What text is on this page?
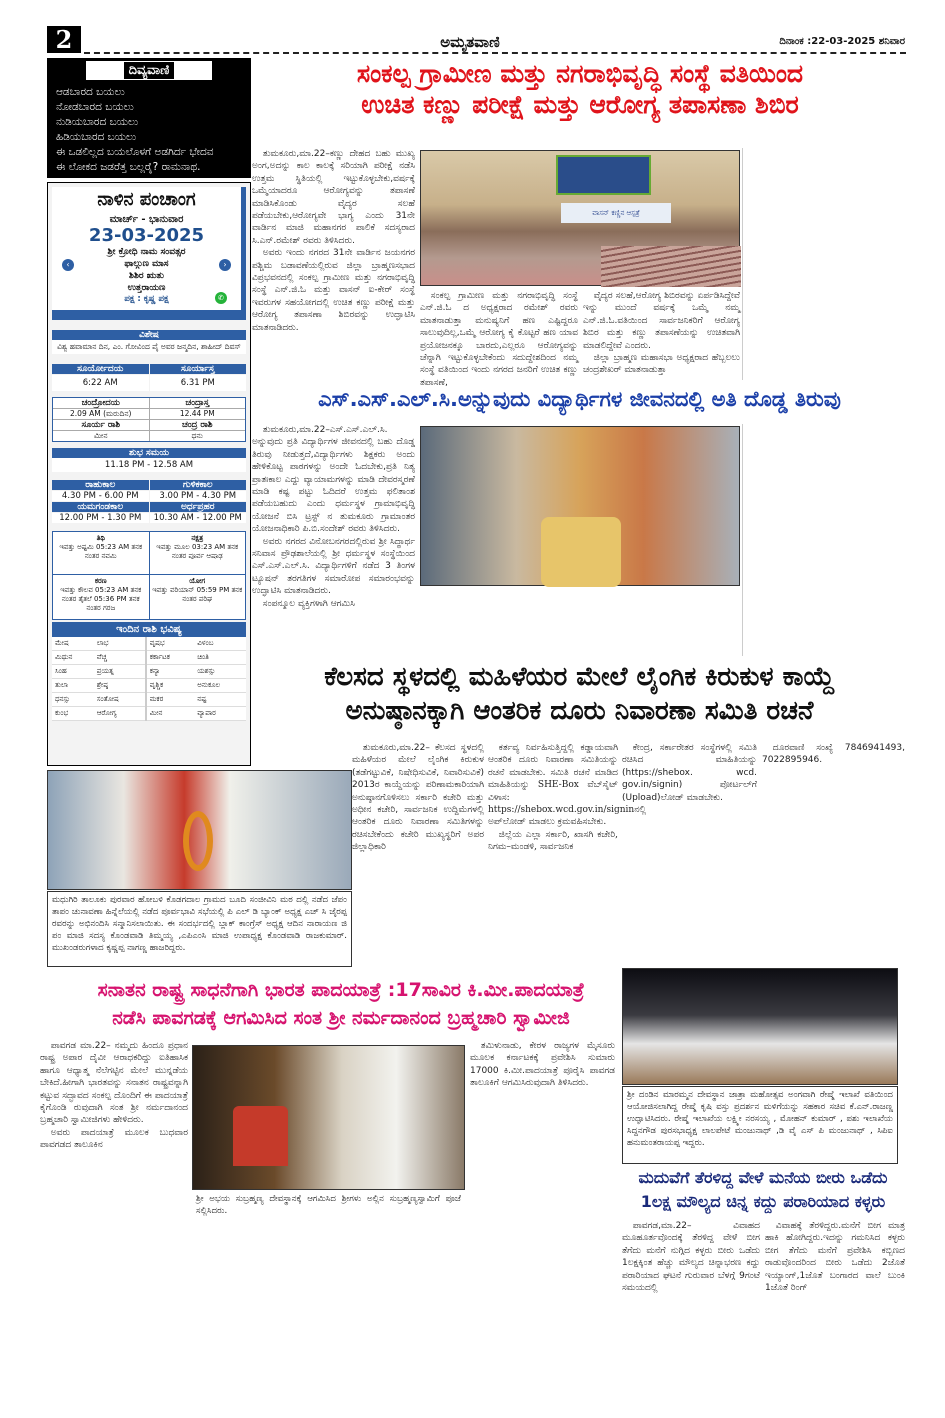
2	ಅಮೃತವಾಣಿ	ದಿನಾಂಕ :22-03-2025 ಶನಿವಾರ
ದಿವ್ಯವಾಣಿ
ಆಡಬಾರದ ಬಯಲು
ನೋಡಬಾರದ ಬಯಲು
ನುಡಿಯಬಾರದ ಬಯಲು
ಹಿಡಿಯಬಾರದ ಬಯಲು
ಈ ಒಡಲಿಲ್ಲದ ಬಯಲೊಳಗೆ ಅಡಗಿರ್ದ ಭೇದವ
ಈ ಲೋಕದ ಜಡರೆತ್ತ ಬಲ್ಲರೈ? ರಾಮನಾಥ.
ನಾಳಿನ ಪಂಚಾಂಗ
ಮಾರ್ಚ್ - ಭಾನುವಾರ
23-03-2025
ಶ್ರೀ ಕ್ರೋಧಿ ನಾಮ ಸಂವತ್ಸರ
ಫಾಲ್ಗುಣ ಮಾಸ
ಶಿಶಿರ ಋತು
ಉತ್ತರಾಯಣ
ಪಕ್ಷ : ಕೃಷ್ಣ ಪಕ್ಷ
‹	›
✆
ವಿಶೇಷ
ವಿಶ್ವ ಹವಾಮಾನ ದಿನ, ಎಂ. ಗೋವಿಂದ ಪೈ ಅವರ ಜನ್ಮದಿನ, ಶಾಹೀದ್ ದಿವಸ್
ಸೂರ್ಯೋದಯ	ಸೂರ್ಯಾಸ್ತ
6:22 AM	6.31 PM
ಚಂದ್ರೋದಯ	ಚಂದ್ರಾಸ್ತ
2.09 AM (ಮರುದಿನ)	12.44 PM
ಸೂರ್ಯ ರಾಶಿ	ಚಂದ್ರ ರಾಶಿ
ಮೀನ	ಧನು
ಶುಭ ಸಮಯ
11.18 PM - 12.58 AM
ರಾಹುಕಾಲ	ಗುಳಿಕಕಾಲ
4.30 PM - 6.00 PM	3.00 PM - 4.30 PM
ಯಮಗಂಡಕಾಲ	ಅರ್ಧಪ್ರಹರ
12.00 PM - 1.30 PM	10.30 AM - 12.00 PM
ತಿಥಿ
ಇವತ್ತು ಅಷ್ಟಮಿ 05:23 AM ತನಕ ನಂತರ ನವಮಿ
ನಕ್ಷತ್ರ
ಇವತ್ತು ಮೂಲ 03:23 AM ತನಕ ನಂತರ ಪೂರ್ವ ಆಷಾಢ
ಕರಣ
ಇವತ್ತು ಕೌಲವ 05:23 AM ತನಕ ನಂತರ ತೈತಲೆ 05:36 PM ತನಕ ನಂತರ ಗರಜ
ಯೋಗ
ಇವತ್ತು ವರಿಯಾನ್ 05:59 PM ತನಕ ನಂತರ ಪರಿಘ
ಇಂದಿನ ರಾಶಿ ಭವಿಷ್ಯ
ಮೇಷ	ಲಾಭ	ವೃಷಭ	ವಿಳಂಬ
ಮಿಥುನ	ವೆಚ್ಚ	ಕರ್ಕಾಟಕ	ಚಿಂತಿ
ಸಿಂಹ	ಪ್ರಯತ್ನ	ಕನ್ಯಾ	ಯಶಸ್ಸು
ತುಲಾ	ಶ್ರೇಷ್ಠ	ವೃಶ್ಚಿಕ	ಅನುಕೂಲ
ಧನಸ್ಸು	ಸಂತೋಷ	ಮಕರ	ನಷ್ಟ
ಕುಂಭ	ಆರೋಗ್ಯ	ಮೀನ	ವ್ಯಾಪಾರ
ಸಂಕಲ್ಪ ಗ್ರಾಮೀಣ ಮತ್ತು ನಗರಾಭಿವೃದ್ಧಿ ಸಂಸ್ಥೆ ವತಿಯಿಂದ
ಉಚಿತ ಕಣ್ಣು ಪರೀಕ್ಷೆ ಮತ್ತು ಆರೋಗ್ಯ ತಪಾಸಣಾ ಶಿಬಿರ

ತುಮಕೂರು,ಮಾ.22–ಕಣ್ಣು ದೇಹದ ಬಹು ಮುಖ್ಯ ಅಂಗ,ಅದನ್ನು ಕಾಲ ಕಾಲಕ್ಕೆ ಸರಿಯಾಗಿ ಪರೀಕ್ಷೆ ನಡೆಸಿ ಉತ್ತಮ ಸ್ಥಿತಿಯಲ್ಲಿ ಇಟ್ಟುಕೊಳ್ಳಬೇಕು,ವರ್ಷಕ್ಕೆ ಒಮ್ಮೆಯಾದರೂ ಆರೋಗ್ಯವನ್ನು ತಪಾಸಣೆ ಮಾಡಿಸಿಕೊಂಡು ವೈದ್ಯರ ಸಲಹೆ ಪಡೆಯಬೇಕು,ಆರೋಗ್ಯವೇ ಭಾಗ್ಯ ಎಂದು 31ನೇ ವಾರ್ಡಿನ ಮಾಜಿ ಮಹಾನಗರ ಪಾಲಿಕೆ ಸದಸ್ಯರಾದ ಸಿ.ಎನ್.ರಮೇಶ್ ರವರು ತಿಳಿಸಿದರು.

ಅವರು ಇಂದು ನಗರದ 31ನೇ ವಾರ್ಡಿನ ಜಯನಗರ ಪಶ್ಚಿಮ ಬಡಾವಣೆಯಲ್ಲಿರುವ ಜಿಲ್ಲಾ ಬ್ರಾಹ್ಮಣಸಭಾದ ವಿಪ್ರಭವನದಲ್ಲಿ ಸಂಕಲ್ಪ ಗ್ರಾಮೀಣ ಮತ್ತು ನಗರಾಭಿವೃದ್ಧಿ ಸಂಸ್ಥೆ ಎನ್.ಜಿ.ಓ ಮತ್ತು ವಾಸನ್ ಐ-ಕೇರ್ ಸಂಸ್ಥೆ ಇವರುಗಳ ಸಹಯೋಗದಲ್ಲಿ ಉಚಿತ ಕಣ್ಣು ಪರೀಕ್ಷೆ ಮತ್ತು ಆರೋಗ್ಯ ತಪಾಸಣಾ ಶಿಬಿರವನ್ನು ಉದ್ಘಾಟಿಸಿ ಮಾತನಾಡಿದರು.

ವಾಸನ್ ಕಣ್ಣಿನ ಆಸ್ಪತ್ರೆ

ಸಂಕಲ್ಪ ಗ್ರಾಮೀಣ ಮತ್ತು ನಗರಾಭಿವೃದ್ಧಿ ಸಂಸ್ಥೆ ಎನ್.ಜಿ.ಓ ದ ಅಧ್ಯಕ್ಷರಾದ ರಮೇಶ್ ರವರು ಮಾತನಾಡುತ್ತಾ ಮನುಷ್ಯನಿಗೆ ಹಣ ಎಷ್ಟಿದ್ದರೂ ಸಾಲುವುದಿಲ್ಲ,ಒಮ್ಮೆ ಆರೋಗ್ಯ ಕೈ ಕೊಟ್ಟರೆ ಹಣ ಯಾವ ಪ್ರಯೋಜನಕ್ಕೂ ಬಾರದು,ಎಲ್ಲರೂ ಆರೋಗ್ಯವನ್ನು ಚೆನ್ನಾಗಿ ಇಟ್ಟುಕೊಳ್ಳಬೇಕೆಂದು ಸದುದ್ದೇಶದಿಂದ ನಮ್ಮ ಸಂಸ್ಥೆ ವತಿಯಿಂದ ಇಂದು ನಗರದ ಜನರಿಗೆ ಉಚಿತ ಕಣ್ಣು ತಪಾಸಣೆ,

ವೈದ್ಯರ ಸಲಹೆ,ಆರೋಗ್ಯ ಶಿಬಿರವನ್ನು ಏರ್ಪಡಿಸಿದ್ದೇವೆ ಇನ್ನು ಮುಂದೆ ವರ್ಷಕ್ಕೆ ಒಮ್ಮೆ ನಮ್ಮ ಎನ್.ಜಿ.ಓ.ವತಿಯಿಂದ ಸಾರ್ವಜನಿಕರಿಗೆ ಆರೋಗ್ಯ ಶಿಬಿರ ಮತ್ತು ಕಣ್ಣು ತಪಾಸಣೆಯನ್ನು ಉಚಿತವಾಗಿ ಮಾಡಲಿದ್ದೇವೆ ಎಂದರು.

ಜಿಲ್ಲಾ ಬ್ರಾಹ್ಮಣ ಮಹಾಸಭಾ ಅಧ್ಯಕ್ಷರಾದ ಹೆಬ್ಬಲಲು ಚಂದ್ರಶೇಖರ್ ಮಾತನಾಡುತ್ತಾ

ಎಸ್.ಎಸ್.ಎಲ್.ಸಿ.ಅನ್ನುವುದು ವಿದ್ಯಾರ್ಥಿಗಳ ಜೀವನದಲ್ಲಿ ಅತಿ ದೊಡ್ಡ ತಿರುವು

ತುಮಕೂರು,ಮಾ.22–ಎಸ್.ಎಸ್.ಎಲ್.ಸಿ. ಅನ್ನುವುದು ಪ್ರತಿ ವಿದ್ಯಾರ್ಥಿಗಳ ಜೀವನದಲ್ಲಿ ಬಹು ದೊಡ್ಡ ತಿರುವು ನೀಡುತ್ತದೆ,ವಿದ್ಯಾರ್ಥಿಗಳು ಶಿಕ್ಷಕರು ಅಂದು ಹೇಳಿಕೊಟ್ಟ ಪಾಠಗಳನ್ನು ಅಂದೇ ಓದಬೇಕು,ಪ್ರತಿ ನಿತ್ಯ ಪ್ರಾತಃಕಾಲ ಎದ್ದು ವ್ಯಾಯಾಮಗಳನ್ನು ಮಾಡಿ ದೇವರಸ್ಮರಣೆ ಮಾಡಿ ಕಷ್ಟ ಪಟ್ಟು ಓದಿದರೆ ಉತ್ತಮ ಫಲಿತಾಂಶ ಪಡೆಯಬಹುದು ಎಂದು ಧರ್ಮಸ್ಥಳ ಗ್ರಾಮಾಭಿವೃದ್ಧಿ ಯೋಜನೆ ಬಿಸಿ ಟ್ರಸ್ಟ್ ನ ತುಮಕೂರು ಗ್ರಾಮಾಂತರ ಯೋಜನಾಧಿಕಾರಿ ಪಿ.ಬಿ.ಸಂದೇಶ್ ರವರು ತಿಳಿಸಿದರು.

ಅವರು ನಗರದ ವಿನೋಬನಗರದಲ್ಲಿರುವ ಶ್ರೀ ಸಿದ್ಧಾರ್ಥ ಸನಿವಾಸ ಪ್ರೌಢಶಾಲೆಯಲ್ಲಿ ಶ್ರೀ ಧರ್ಮಸ್ಥಳ ಸಂಸ್ಥೆಯಿಂದ ಎಸ್.ಎಸ್.ಎಲ್.ಸಿ. ವಿದ್ಯಾರ್ಥಿಗಳಿಗೆ ನಡೆದ 3 ತಿಂಗಳ ಟ್ಯೂಷನ್ ತರಗತಿಗಳ ಸಮಾರೋಪ ಸಮಾರಂಭವನ್ನು ಉದ್ಘಾಟಿಸಿ ಮಾತನಾಡಿದರು.

ಸಂಪನ್ಮೂಲ ವ್ಯಕ್ತಿಗಳಾಗಿ ಆಗಮಿಸಿ

ಕೆಲಸದ ಸ್ಥಳದಲ್ಲಿ ಮಹಿಳೆಯರ ಮೇಲೆ ಲೈಂಗಿಕ ಕಿರುಕುಳ ಕಾಯ್ದೆ
ಅನುಷ್ಠಾನಕ್ಕಾಗಿ ಆಂತರಿಕ ದೂರು ನಿವಾರಣಾ ಸಮಿತಿ ರಚನೆ

ತುಮಕೂರು,ಮಾ.22– ಕೆಲಸದ ಸ್ಥಳದಲ್ಲಿ ಮಹಿಳೆಯರ ಮೇಲೆ ಲೈಂಗಿಕ ಕಿರುಕುಳ (ತಡೆಗಟ್ಟುವಿಕೆ, ನಿಷೇಧಿಸುವಿಕೆ, ನಿವಾರಿಸುವಿಕೆ) 2013ರ ಕಾಯ್ದೆಯನ್ನು ಪರಿಣಾಮಕಾರಿಯಾಗಿ ಅನುಷ್ಠಾನಗೊಳಿಸಲು ಸರ್ಕಾರಿ ಕಚೇರಿ ಮತ್ತು ಅಧೀನ ಕಚೇರಿ, ಸಾರ್ವಜನಿಕ ಉದ್ದಿಮೆಗಳಲ್ಲಿ ಆಂತರಿಕ ದೂರು ನಿವಾರಣಾ ಸಮಿತಿಗಳನ್ನು ರಚಿಸಬೇಕೆಂದು ಕಚೇರಿ ಮುಖ್ಯಸ್ಥರಿಗೆ ಅಪರ ಜಿಲ್ಲಾಧಿಕಾರಿ

ಕರ್ತವ್ಯ ನಿರ್ವಹಿಸುತ್ತಿದ್ದಲ್ಲಿ ಕಡ್ಡಾಯವಾಗಿ ಆಂತರಿಕ ದೂರು ನಿವಾರಣಾ ಸಮಿತಿಯನ್ನು ರಚನೆ ಮಾಡಬೇಕು. ಸಮಿತಿ ರಚನೆ ಮಾಡಿದ ಮಾಹಿತಿಯನ್ನು SHE-Box ವೆಬ್‌ಸೈಟ್ ವಿಳಾಸ: https://shebox.wcd.gov.in/signinನಲ್ಲಿ ಅಪ್‌ಲೋಡ್ ಮಾಡಲು ಕ್ರಮವಹಿಸಬೇಕು.

ಜಿಲ್ಲೆಯ ಎಲ್ಲಾ ಸರ್ಕಾರಿ, ಖಾಸಗಿ ಕಚೇರಿ, ನಿಗಮ–ಮಂಡಳಿ, ಸಾರ್ವಜನಿಕ

ಕೇಂದ್ರ, ಸರ್ಕಾರೇತರ ಸಂಸ್ಥೆಗಳಲ್ಲಿ ಸಮಿತಿ ರಚಿಸಿದ ಮಾಹಿತಿಯನ್ನು (https://shebox. wcd. gov.in/signin) ಪೋರ್ಟಲ್‌ಗೆ (Upload)ಲೋಡ್ ಮಾಡಬೇಕು.

ದೂರವಾಣಿ ಸಂಖ್ಯೆ 7846941493, 7022895946.

ಮಧುಗಿರಿ ತಾಲೂಕು ಪುರವಾರ ಹೋಬಳಿ ಕೊಡಗದಾಲ ಗ್ರಾಮದ ಬೂದಿ ಸಂಜೀವಿನಿ ಮಠ ದಲ್ಲಿ ನಡೆದ ಜೆಪಂ ತಾಪಂ ಚುನಾವಣಾ ಹಿನ್ನೆಲೆಯಲ್ಲಿ ನಡೆದ ಪೂರ್ವಭಾವಿ ಸಭೆಯಲ್ಲಿ ಪಿ ಎಲ್ ಡಿ ಬ್ಯಾಂಕ್ ಅಧ್ಯಕ್ಷ ಎಚ್ ಸಿ ಜೈರಪ್ಪ ರವರನ್ನು ಅಭಿನಂದಿಸಿ ಸನ್ಮಾನಿಸಲಾಯಿತು. ಈ ಸಂದರ್ಭದಲ್ಲಿ ಬ್ಲಾಕ್ ಕಾಂಗ್ರೆಸ್ ಅಧ್ಯಕ್ಷ ಆದಿನ ನಾರಾಯಣ ಜಿ ಪಂ ಮಾಜಿ ಸದಸ್ಯ ಕೊಂಡವಾಡಿ ತಿಮ್ಮಯ್ಯ ,ಎಪಿಎಂಸಿ ಮಾಜಿ ಉಪಾಧ್ಯಕ್ಷ ಕೊಂಡವಾಡಿ ರಾಜಕುಮಾರ್. ಮುಖಂಡರುಗಳಾದ ಕೃಷ್ಣಪ್ಪ ನಾಗಣ್ಣ ಹಾಜರಿದ್ದರು.
ಸನಾತನ ರಾಷ್ಟ್ರ ಸಾಧನೆಗಾಗಿ ಭಾರತ ಪಾದಯಾತ್ರೆ :17ಸಾವಿರ ಕಿ.ಮೀ.ಪಾದಯಾತ್ರೆ
ನಡೆಸಿ ಪಾವಗಡಕ್ಕೆ ಆಗಮಿಸಿದ ಸಂತ ಶ್ರೀ ನರ್ಮದಾನಂದ ಬ್ರಹ್ಮಚಾರಿ ಸ್ವಾಮೀಜಿ

ಪಾವಗಡ ಮಾ.22– ನಮ್ಮದು ಹಿಂದೂ ಪ್ರಧಾನ ರಾಷ್ಟ್ರ ಅಪಾರ ದೈವೀ ಆರಾಧಕರಿದ್ದು ಐತಿಹಾಸಿಕ ಹಾಗೂ ಆಧ್ಯಾತ್ಮ ನೆಲೆಗಟ್ಟಿನ ಮೇಲೆ ಮುನ್ನಡೆಯ ಬೇಕಿದೆ.ಹೀಗಾಗಿ ಭಾರತವನ್ನು ಸನಾತನ ರಾಷ್ಟ್ರವನ್ನಾಗಿ ಕಟ್ಟುವ ಸದ್ಭಾವದ ಸಂಕಲ್ಪ ದೊಂದಿಗೆ ಈ ಪಾದಯಾತ್ರೆ ಕೈಗೊಂಡಿ ರುವುದಾಗಿ ಸಂತ ಶ್ರೀ ನರ್ಮದಾನಂದ ಬ್ರಹ್ಮಚಾರಿ ಸ್ವಾಮೀಜಿಗಳು ಹೇಳಿದರು.

ಅವರು ಪಾದಯಾತ್ರೆ ಮೂಲಕ ಬುಧವಾರ ಪಾವಗಡದ ತಾಲೂಕಿನ

ಶ್ರೀ ಅಭಯ ಸುಬ್ರಹ್ಮಣ್ಯ ದೇವಸ್ಥಾನಕ್ಕೆ ಆಗಮಿಸಿದ ಶ್ರೀಗಳು ಅಲ್ಲಿನ ಸುಬ್ರಹ್ಮಣ್ಯಸ್ವಾಮಿಗೆ ಪೂಜೆ ಸಲ್ಲಿಸಿದರು.

ತಮಿಳುನಾಡು, ಕೇರಳ ರಾಜ್ಯಗಳ ಮೈಸೂರು ಮೂಲಕ ಕರ್ನಾಟಕಕ್ಕೆ ಪ್ರವೇಶಿಸಿ ಸುಮಾರು 17000 ಕಿ.ಮೀ.ಪಾದಯಾತ್ರೆ ಪೂರೈಸಿ ಪಾವಗಡ ತಾಲೂಕಿಗೆ ಆಗಮಿಸಿರುವುದಾಗಿ ತಿಳಿಸಿದರು.

ಶ್ರೀ ದಂಡಿನ ಮಾರಮ್ಮನ ದೇವಸ್ಥಾನ ಜಾತ್ರಾ ಮಹೋತ್ಸವ ಅಂಗವಾಗಿ ರೇಷ್ಮೆ ಇಲಾಖೆ ವತಿಯಿಂದ ಆಯೋಜಿಸಲಾಗಿದ್ದ ರೇಷ್ಮೆ ಕೃಷಿ ವಸ್ತು ಪ್ರದರ್ಶನ ಮಳಿಗೆಯನ್ನು ಸಹಕಾರ ಸಚಿವ ಕೆ.ಎನ್.ರಾಜಣ್ಣ ಉದ್ಘಾಟಿಸಿದರು. ರೇಷ್ಮೆ ಇಲಾಖೆಯ ಲಕ್ಷ್ಮೀ ನರಸಯ್ಯ , ಮೋಹನ್ ಕುಮಾರ್ , ಪಶು ಇಲಾಖೆಯ ಸಿದ್ದನಗೌಡ ಪುರಸಭಾಧ್ಯಕ್ಷ ಲಾಲಪೇಟೆ ಮಂಜುನಾಥ್ ,ಡಿ ವೈ ಎಸ್ ಪಿ ಮಂಜುನಾಥ್ , ಸಿಪಿಐ ಹನುಮಂತರಾಯಪ್ಪ ಇದ್ದರು.
ಮದುವೆಗೆ ತೆರಳಿದ್ದ ವೇಳೆ ಮನೆಯ ಬೀರು ಒಡೆದು
1ಲಕ್ಷ ಮೌಲ್ಯದ ಚಿನ್ನ ಕದ್ದು ಪರಾರಿಯಾದ ಕಳ್ಳರು

ಪಾವಗಡ,ಮಾ.22– ವಿವಾಹದ ಮೂಹೂರ್ತವೊಂದಕ್ಕೆ ತೆರಳಿದ್ದ ವೇಳೆ ಬೀಗ ತೆಗೆದು ಮನೆಗೆ ನುಗ್ಗಿದ ಕಳ್ಳರು ಬೀರು ಒಡೆದು 1ಲಕ್ಷಕ್ಕಿಂತ ಹೆಚ್ಚು ಮೌಲ್ಯದ ಚಿನ್ನಾಭರಣ ಕದ್ದು ಪರಾರಿಯಾದ ಘಟನೆ ಗುರುವಾರ ಬೆಳಗ್ಗೆ 9ಗಂಟೆ ಸಮಯದಲ್ಲಿ

ವಿವಾಹಕ್ಕೆ ತೆರಳಿದ್ದರು.ಮನೆಗೆ ಬೀಗ ಮಾತ್ರ ಹಾಕಿ ಹೋಗಿದ್ದರು.ಇದನ್ನು ಗಮನಿಸಿದ ಕಳ್ಳರು ಬೀಗ ತೆಗೆದು ಮನೆಗೆ ಪ್ರವೇಶಿಸಿ ಕಬ್ಬಿಣದ ರಾಡುವೊಂದರಿಂದ ಬೀರು ಒಡೆದು 2ಜೊತೆ ಇಯ್ಯಾಂಗ್,1ಜೊತೆ ಬಂಗಾರದ ವಾಲೆ ಬುಂಕಿ 1ಜೊತೆ ರಿಂಗ್
